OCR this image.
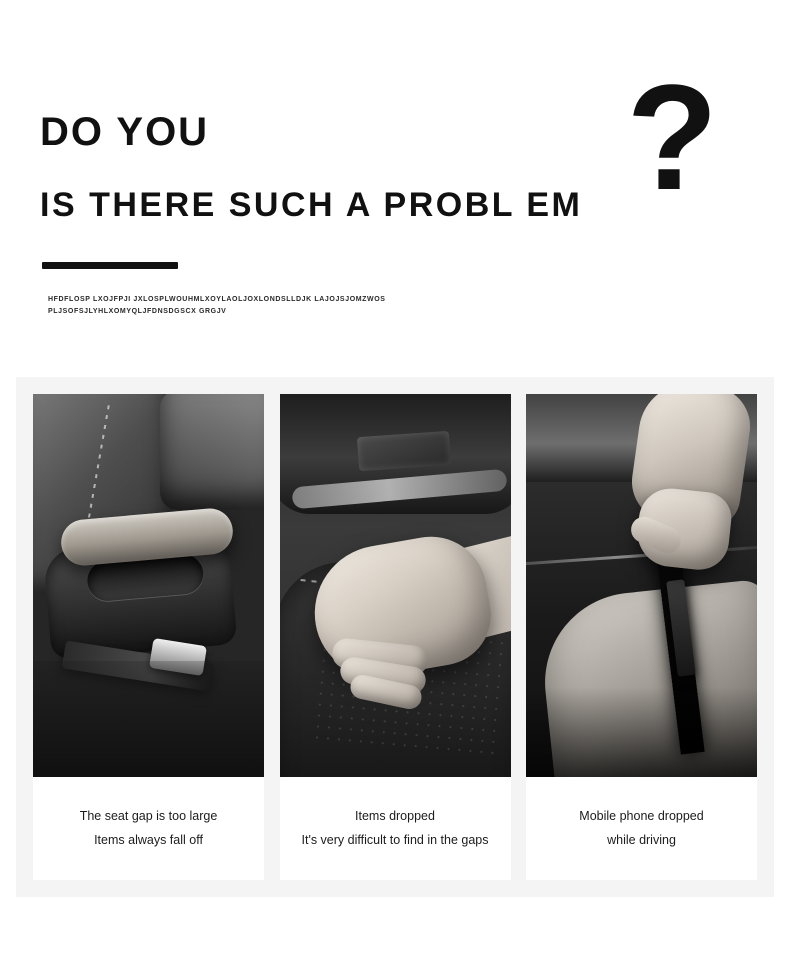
DO YOU
IS THERE SUCH A PROBL EM ?
HFDFLOSP LXOJFPJI JXLOSPLWOUHMLXOYLAOLJOXLONDSLLDJK LAJOJSJOMZWOS
PLJSOFSJLYHLXOMYQLJFDNSDGSCX GRGJV
The seat gap is too large
Items always fall off
Items dropped
It's very difficult to find in the gaps
Mobile phone dropped
while driving
